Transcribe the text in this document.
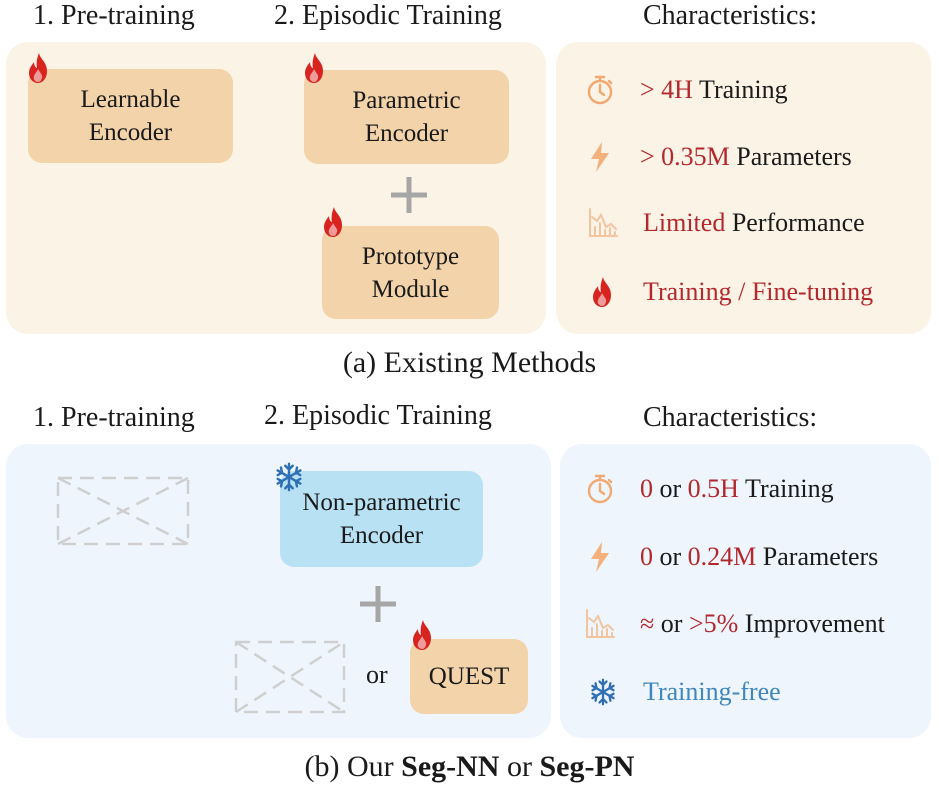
1. Pre-training	2. Episodic Training	Characteristics:
Learnable
Encoder
Parametric
Encoder
Prototype
Module
> 4H Training
> 0.35M Parameters
Limited Performance
Training / Fine-tuning
(a) Existing Methods
1. Pre-training 2. Episodic Training	Characteristics:
Non-parametric
Encoder
or QUEST
0 or 0.5H Training
0 or 0.24M Parameters
≈ or >5% Improvement
Training-free
(b) Our Seg-NN or Seg-PN
